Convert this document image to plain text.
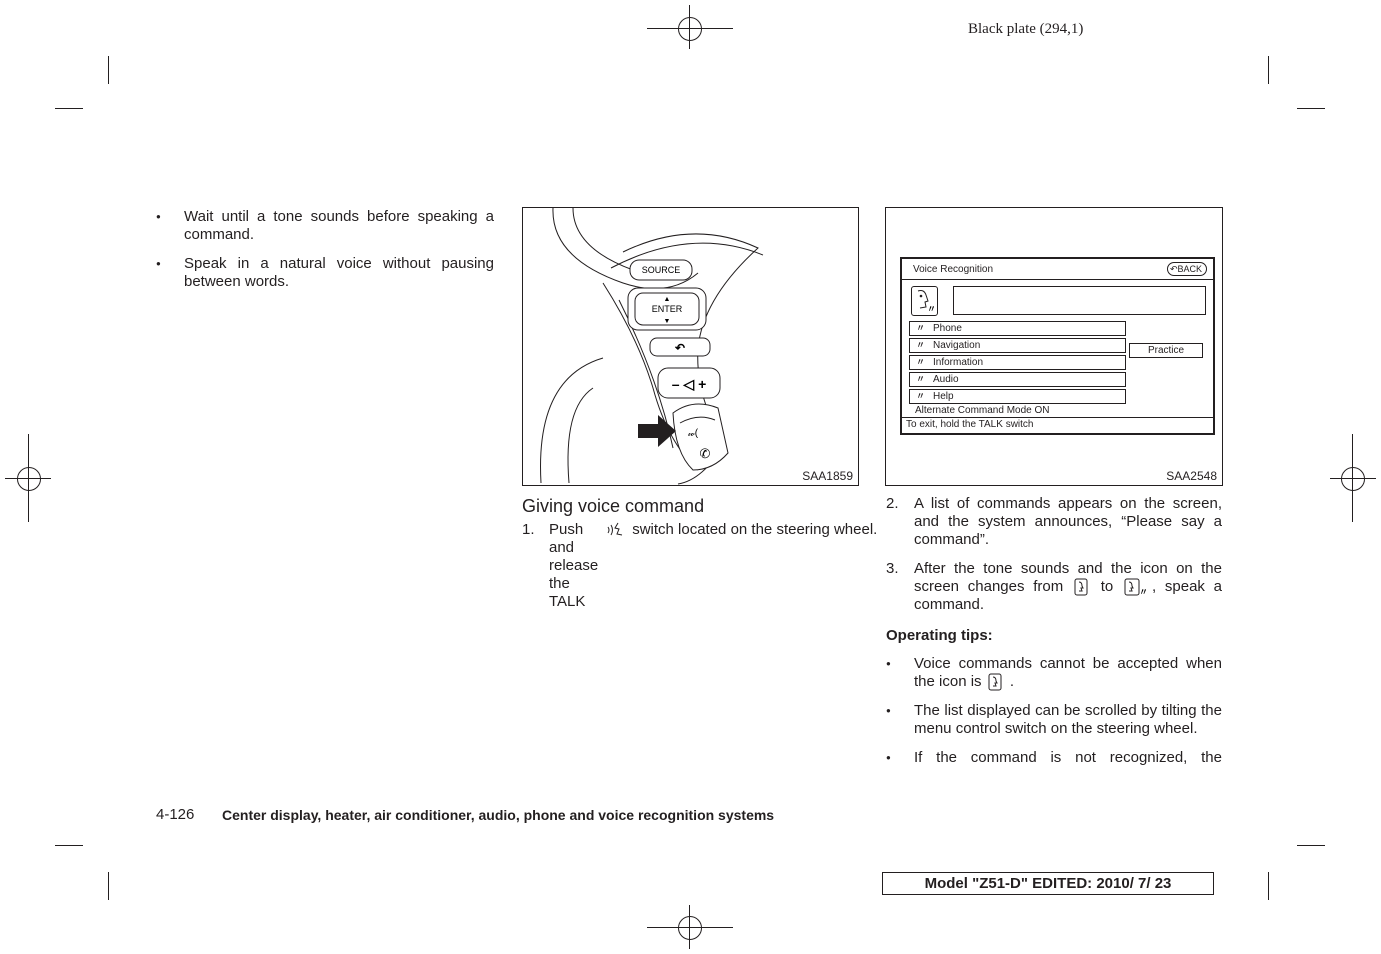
Black plate (294,1)
● Wait until a tone sounds before speaking a command.
● Speak in a natural voice without pausing between words.
SOURCE
▲
ENTER
▼
↶
– ◁ +
𝓌(
✆
SAA1859
Voice Recognition	↶BACK
〃
〃 Phone
〃 Navigation
〃 Information
〃 Audio
〃 Help
Practice
Alternate Command Mode ON
To exit, hold the TALK switch
SAA2548
Giving voice command
1. Push and release the TALK
switch located on the steering wheel.
2. A list of commands appears on the screen, and the system announces, “Please say a command”.
3. After the tone sounds and the icon on the screen changes from	to	〃 , speak a command.
Operating tips:
● Voice commands cannot be accepted when the icon is .
● The list displayed can be scrolled by tilting the menu control switch on the steering wheel.
● If the command is not recognized, the
4-126 Center display, heater, air conditioner, audio, phone and voice recognition systems
Model "Z51-D" EDITED: 2010/ 7/ 23
